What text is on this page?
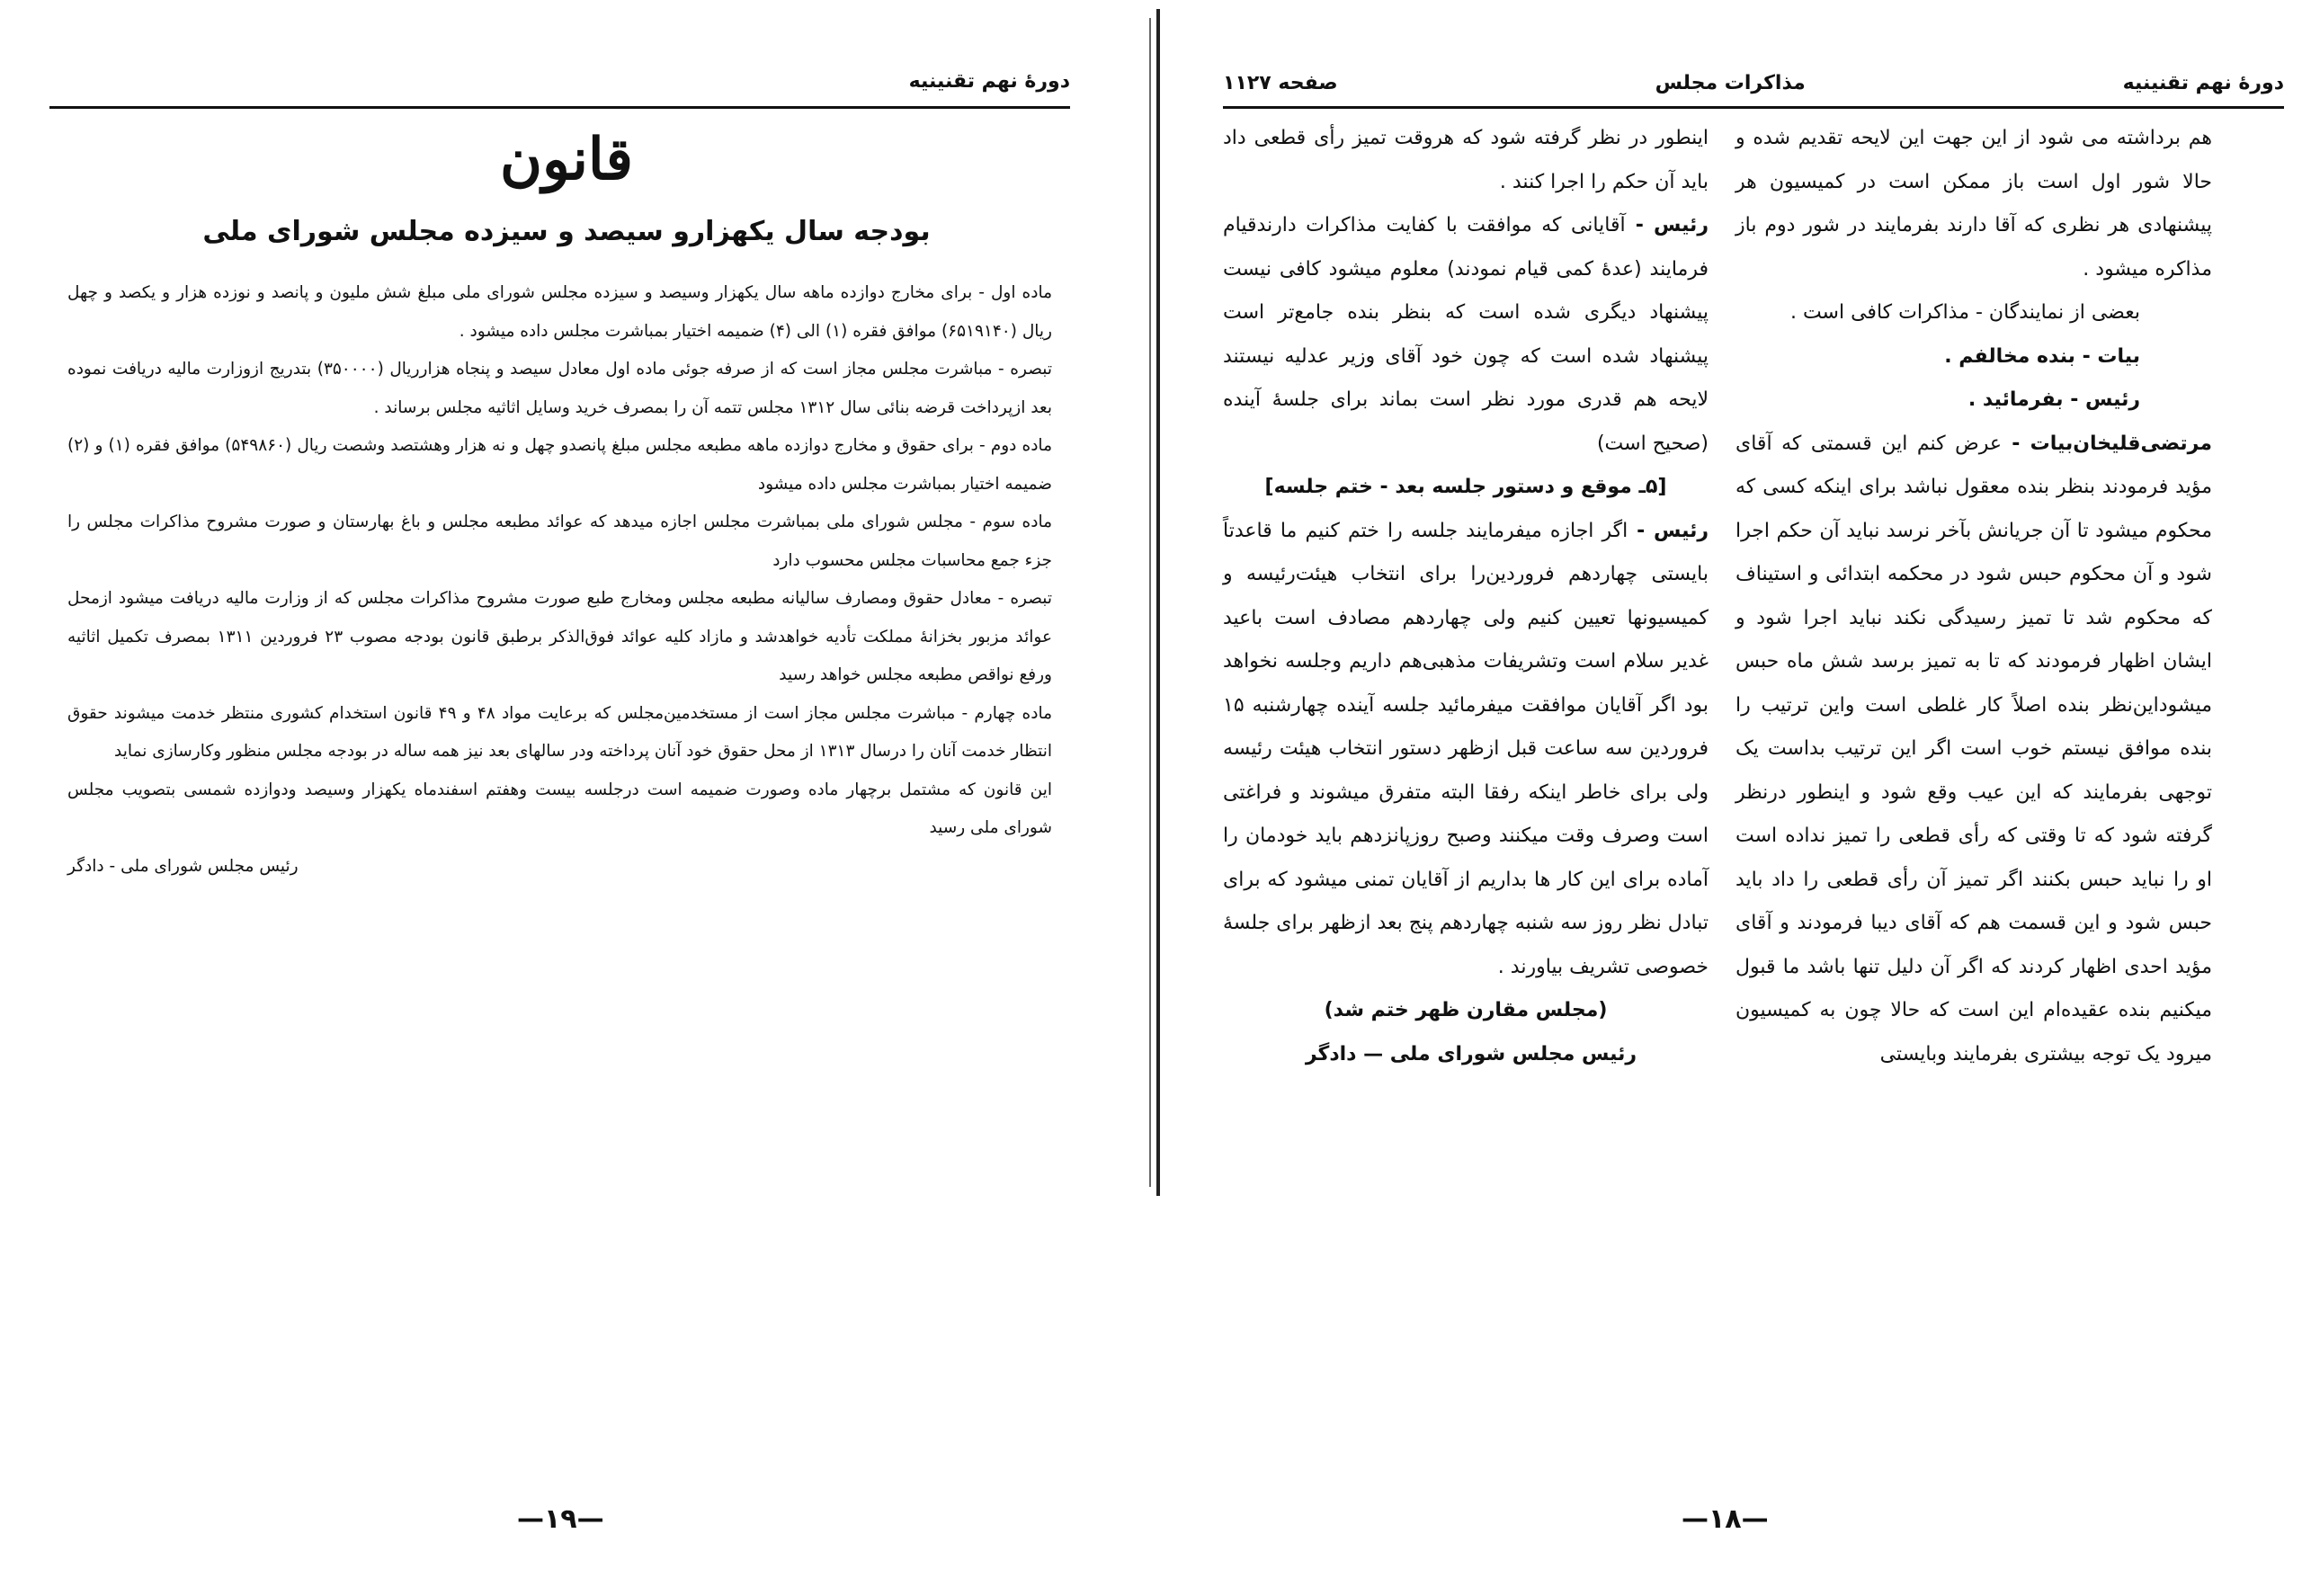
دورهٔ نهم تقنینیه
قانون
بودجه سال یکهزارو سیصد و سیزده مجلس شورای ملی

ماده اول - برای مخارج دوازده ماهه سال یکهزار وسیصد و سیزده مجلس شورای ملی مبلغ شش ملیون و پانصد و نوزده هزار و یکصد و چهل ریال (۶۵۱۹۱۴۰) موافق فقره (۱) الی (۴) ضمیمه اختیار بمباشرت مجلس داده میشود .

تبصره - مباشرت مجلس مجاز است که از صرفه جوئی ماده اول معادل سیصد و پنجاه هزارریال (۳۵۰۰۰۰) بتدریج ازوزارت مالیه دریافت نموده بعد ازپرداخت قرضه بنائی سال ۱۳۱۲ مجلس تتمه آن را بمصرف خرید وسایل اثاثیه مجلس برساند .

ماده دوم - برای حقوق و مخارج دوازده ماهه مطبعه مجلس مبلغ پانصدو چهل و نه هزار وهشتصد وشصت ریال (۵۴۹۸۶۰) موافق فقره (۱) و (۲) ضمیمه اختیار بمباشرت مجلس داده میشود

ماده سوم - مجلس شورای ملی بمباشرت مجلس اجازه میدهد که عوائد مطبعه مجلس و باغ بهارستان و صورت مشروح مذاکرات مجلس را جزء جمع محاسبات مجلس محسوب دارد

تبصره - معادل حقوق ومصارف سالیانه مطبعه مجلس ومخارج طبع صورت مشروح مذاکرات مجلس که از وزارت مالیه دریافت میشود ازمحل عوائد مزبور بخزانهٔ مملکت تأدیه خواهدشد و مازاد کلیه عوائد فوق‌الذکر برطبق قانون بودجه مصوب ۲۳ فروردین ۱۳۱۱ بمصرف تکمیل اثاثیه ورفع نواقص مطبعه مجلس خواهد رسید

ماده چهارم - مباشرت مجلس مجاز است از مستخدمین‌مجلس که برعایت مواد ۴۸ و ۴۹ قانون استخدام کشوری منتظر خدمت میشوند حقوق انتظار خدمت آنان را درسال ۱۳۱۳ از محل حقوق خود آنان پرداخته ودر سالهای بعد نیز همه ساله در بودجه مجلس منظور وکارسازی نماید

این قانون که مشتمل برچهار ماده وصورت ضمیمه است درجلسه بیست وهفتم اسفندماه یکهزار وسیصد ودوازده شمسی بتصویب مجلس شورای ملی رسید

رئیس مجلس شورای ملی - دادگر
—۱۹—
دورهٔ نهم تقنینیه
مذاکرات مجلس
صفحه ۱۱۲۷
—۱۸—

هم برداشته می شود از این جهت این لایحه تقدیم شده و حالا شور اول است باز ممکن است در کمیسیون هر پیشنهادی هر نظری که آقا دارند بفرمایند در شور دوم باز مذاکره میشود .

بعضی از نمایندگان - مذاکرات کافی است .

بیات - بنده مخالفم .

رئیس - بفرمائید .

مرتضی‌قلیخان‌بیات - عرض کنم این قسمتی که آقای مؤید فرمودند بنظر بنده معقول نباشد برای اینکه کسی که محکوم میشود تا آن جریانش بآخر نرسد نباید آن حکم اجرا شود و آن محکوم حبس شود در محکمه ابتدائی و استیناف که محکوم شد تا تمیز رسیدگی نکند نباید اجرا شود و ایشان اظهار فرمودند که تا به تمیز برسد شش ماه حبس میشود‌این‌نظر بنده اصلاً کار غلطی است واین ترتیب را بنده موافق نیستم خوب است اگر این ترتیب بداست یک توجهی بفرمایند که این عیب وقع شود و اینطور درنظر گرفته شود که تا وقتی که رأی قطعی را تمیز نداده است او را نباید حبس بکنند اگر تمیز آن رأی قطعی را داد باید حبس شود و این قسمت هم که آقای دیبا فرمودند و آقای مؤید احدی اظهار کردند که اگر آن دلیل تنها باشد ما قبول میکنیم بنده عقیده‌ام این است که حالا چون به کمیسیون میرود یک توجه بیشتری بفرمایند وبایستی

اینطور در نظر گرفته شود که هروقت تمیز رأی قطعی داد باید آن حکم را اجرا کنند .

رئیس - آقایانی که موافقت با کفایت مذاکرات دارندقیام فرمایند (عدهٔ کمی قیام نمودند) معلوم میشود کافی نیست پیشنهاد دیگری شده است که بنظر بنده جامع‌تر است پیشنهاد شده است که چون خود آقای وزیر عدلیه نیستند لایحه هم قدری مورد نظر است بماند برای جلسهٔ آینده (صحیح است)

[۵ـ موقع و دستور جلسه بعد - ختم جلسه]

رئیس - اگر اجازه میفرمایند جلسه را ختم کنیم ما قاعدتاً بایستی چهاردهم فروردین‌را برای انتخاب هیئت‌رئیسه و کمیسیونها تعیین کنیم ولی چهاردهم مصادف است باعید غدیر سلام است وتشریفات مذهبی‌هم داریم وجلسه نخواهد بود اگر آقایان موافقت میفرمائید جلسه آینده چهارشنبه ۱۵ فروردین سه ساعت قبل ازظهر دستور انتخاب هیئت رئیسه ولی برای خاطر اینکه رفقا البته متفرق میشوند و فراغتی است وصرف وقت میکنند وصبح روزپانزدهم باید خودمان را آماده برای این کار ها بداریم از آقایان تمنی میشود که برای تبادل نظر روز سه شنبه چهاردهم پنج بعد ازظهر برای جلسهٔ خصوصی تشریف بیاورند .

(مجلس مقارن ظهر ختم شد)

رئیس مجلس شورای ملی — دادگر
